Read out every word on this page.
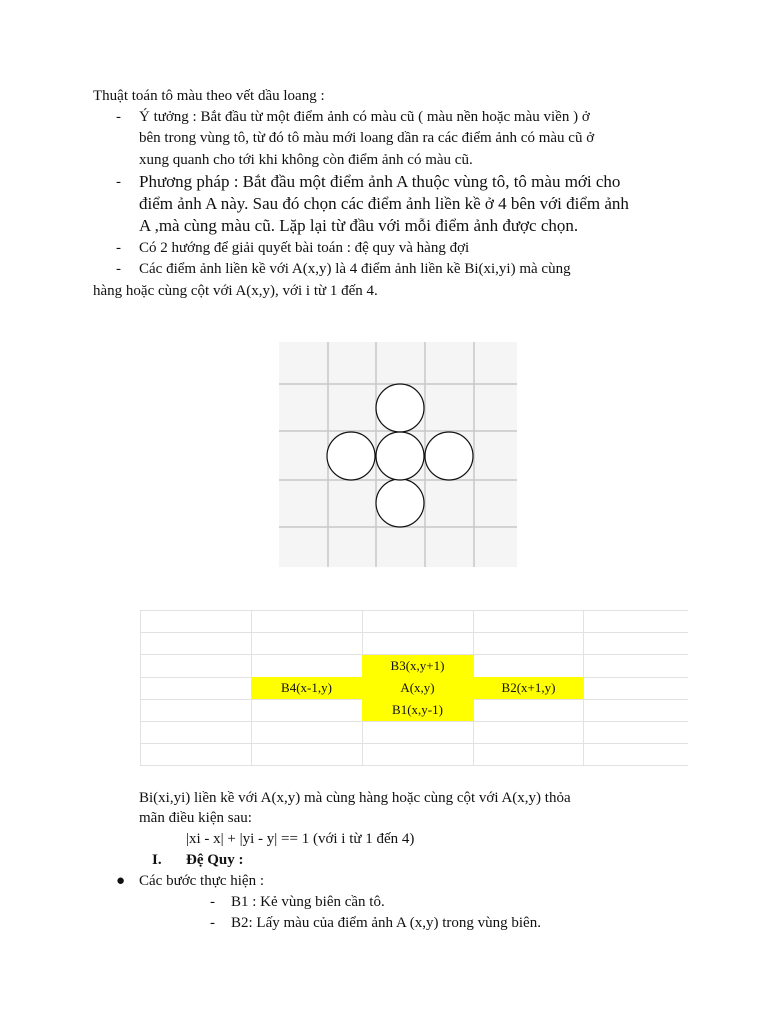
Thuật toán tô màu theo vết dầu loang :
- Ý tưởng : Bắt đầu từ một điểm ảnh có màu cũ ( màu nền hoặc màu viền ) ở
bên trong vùng tô, từ đó tô màu mới loang dần ra các điểm ảnh có màu cũ ở
xung quanh cho tới khi không còn điểm ảnh có màu cũ.
- Phương pháp : Bắt đầu một điểm ảnh A thuộc vùng tô, tô màu mới cho
điểm ảnh A này. Sau đó chọn các điểm ảnh liền kề ở 4 bên với điểm ảnh
A ,mà cùng màu cũ. Lặp lại từ đầu với mỗi điểm ảnh được chọn.
- Có 2 hướng để giải quyết bài toán : đệ quy và hàng đợi
- Các điểm ảnh liền kề với A(x,y) là 4 điểm ảnh liền kề Bi(xi,yi) mà cùng
hàng hoặc cùng cột với A(x,y), với i từ 1 đến 4.
B3(x,y+1)
B4(x-1,y)	A(x,y)	B2(x+1,y)
B1(x,y-1)
Bi(xi,yi) liền kề với A(x,y) mà cùng hàng hoặc cùng cột với A(x,y) thỏa
mãn điều kiện sau:
|xi - x| + |yi - y| == 1 (với i từ 1 đến 4)
I. Đệ Quy :
● Các bước thực hiện :
- B1 : Kẻ vùng biên cần tô.
- B2: Lấy màu của điểm ảnh A (x,y) trong vùng biên.
